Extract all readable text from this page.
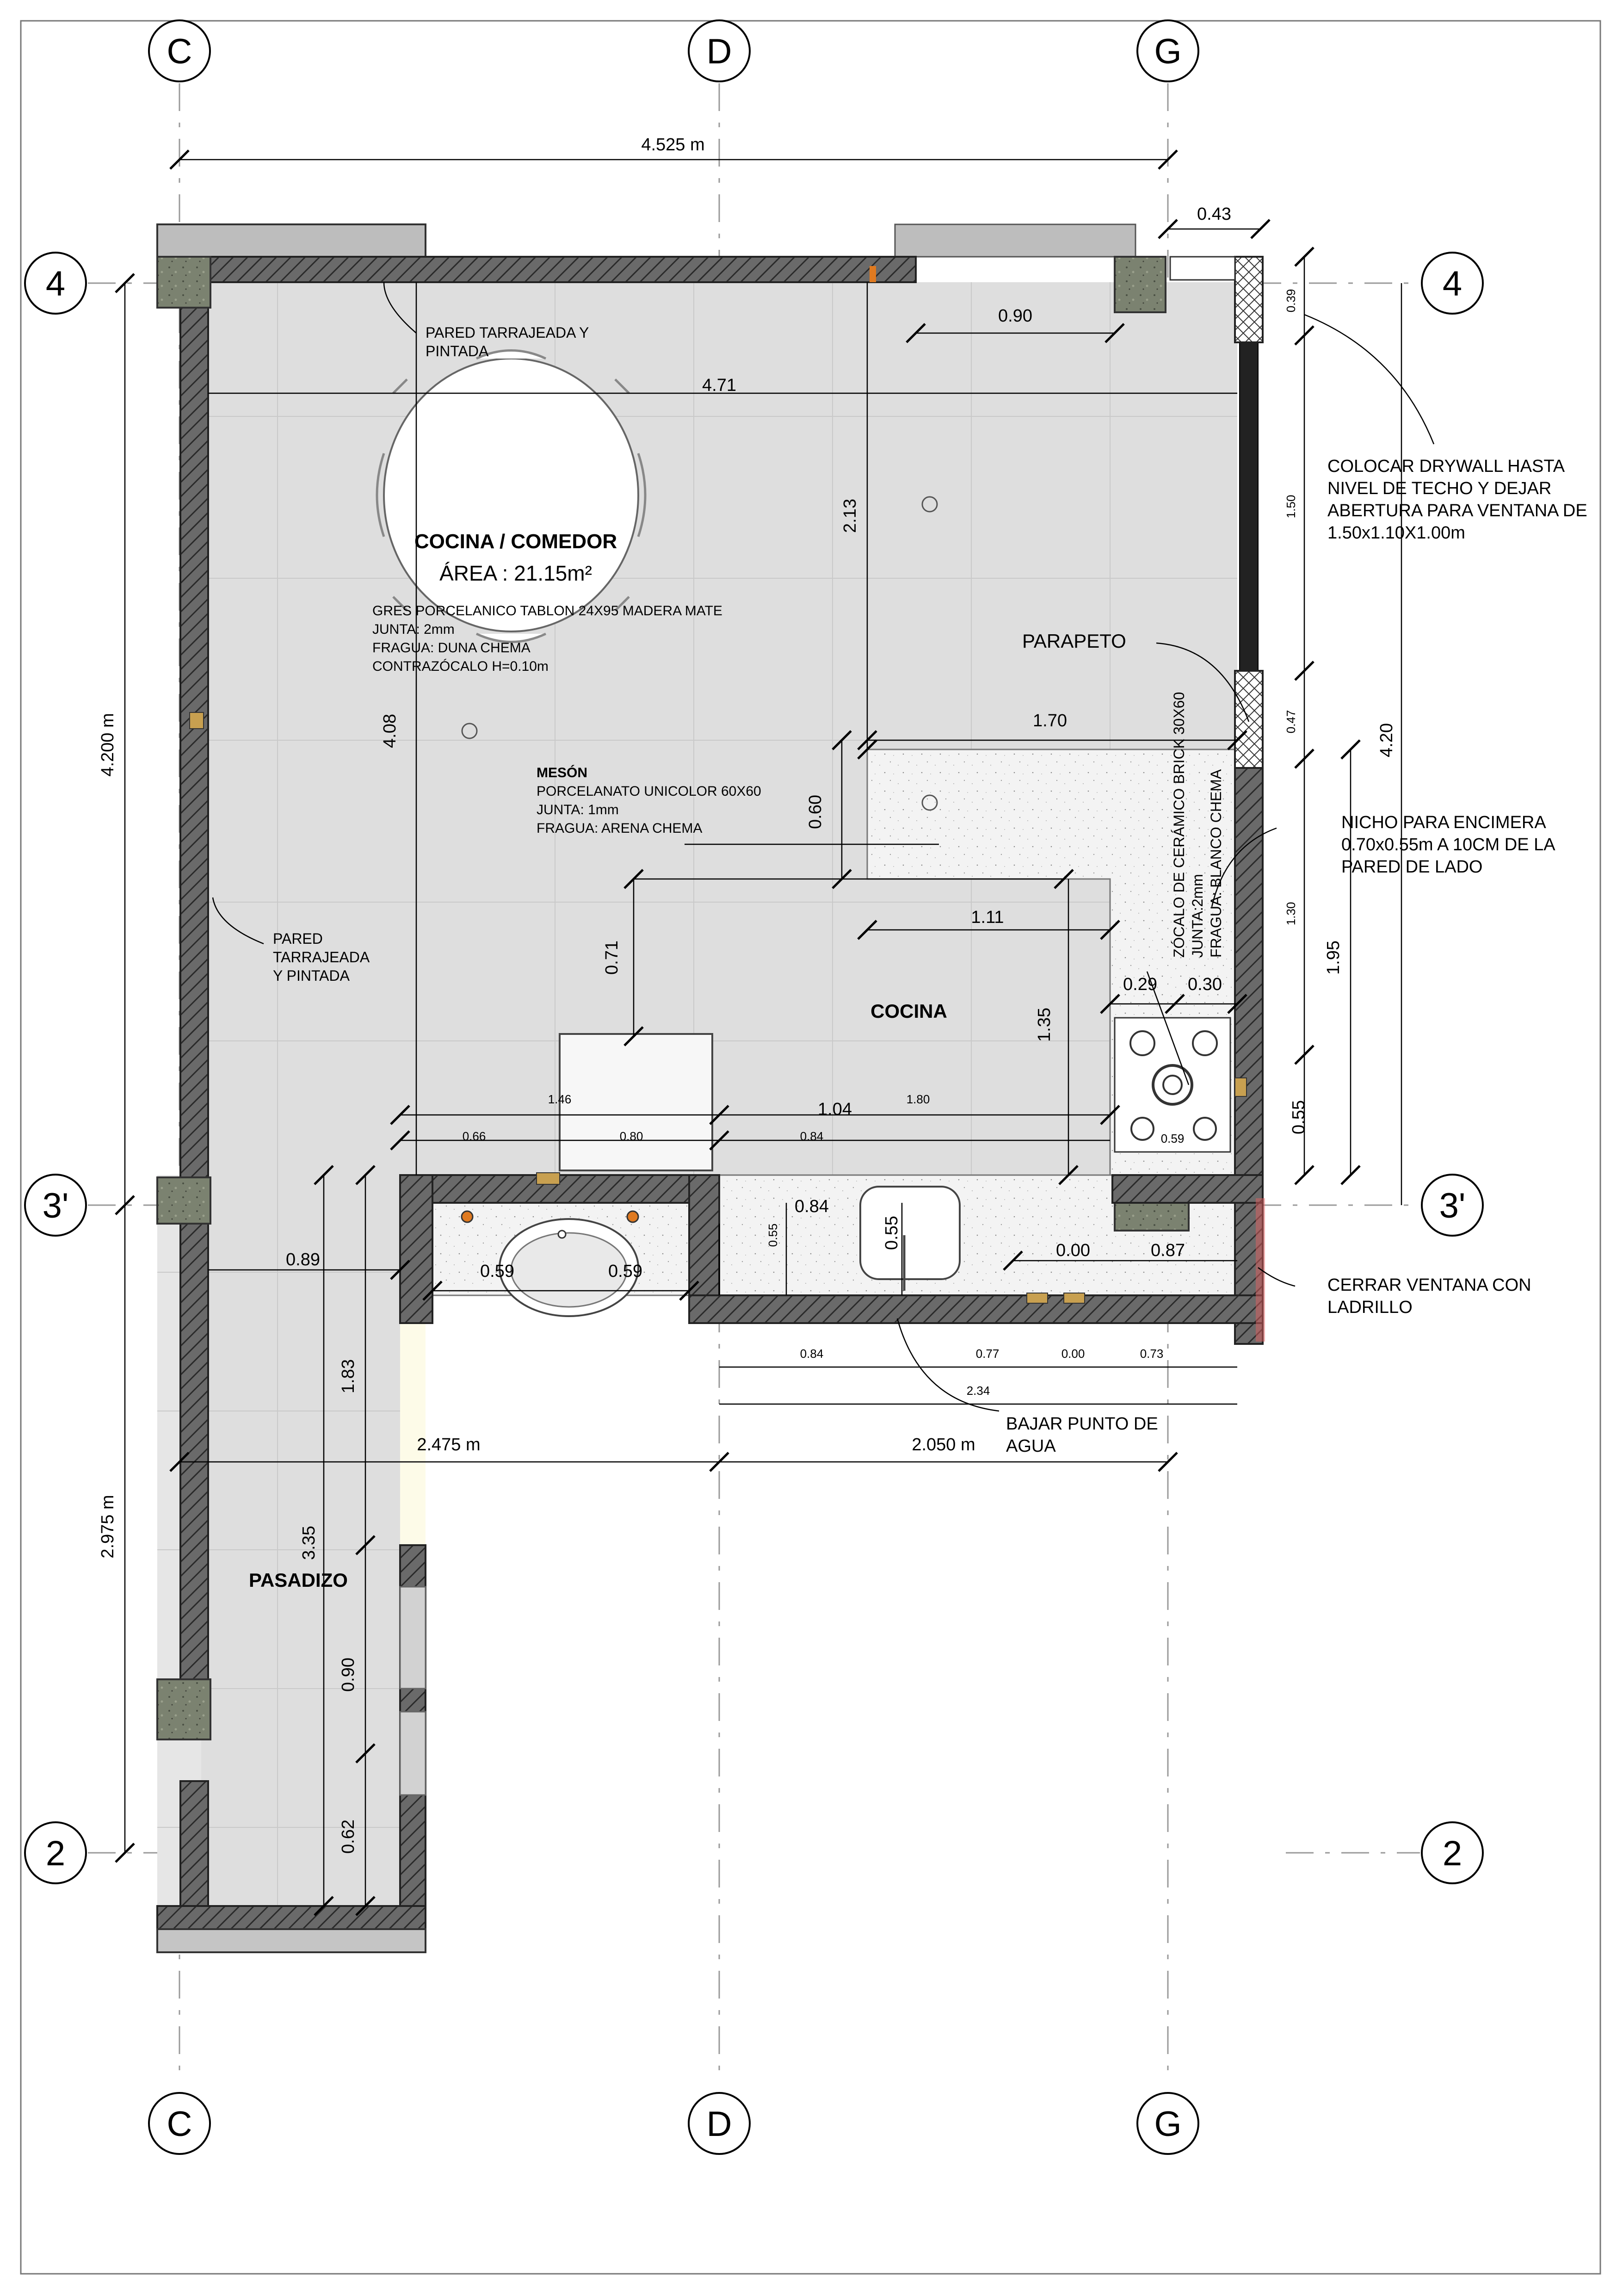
C	D	G
C	D	G
4	4
3'	3'
2	2
COCINA / COMEDOR
ÁREA : 21.15m²
GRES PORCELANICO TABLON 24X95 MADERA MATE
JUNTA: 2mm
FRAGUA: DUNA CHEMA
CONTRAZÓCALO H=0.10m
MESÓN
PORCELANATO UNICOLOR 60X60
JUNTA: 1mm
FRAGUA: ARENA CHEMA
COCINA
PASADIZO
PARED TARRAJEADA Y
PINTADA
PARED
TARRAJEADA
Y PINTADA
COLOCAR DRYWALL HASTA
NIVEL DE TECHO Y DEJAR
ABERTURA PARA VENTANA DE
1.50x1.10X1.00m
PARAPETO
NICHO PARA ENCIMERA
0.70x0.55m A 10CM DE LA
PARED DE LADO
CERRAR VENTANA CON
LADRILLO
BAJAR PUNTO DE
AGUA
ZÓCALO DE CERÁMICO BRICK 30X60 JUNTA:2mm FRAGUA: BLANCO CHEMA
4.525 m
0.43
0.90
4.71
1.70
1.11
0.29 0.30
0.59
1.46
1.04
1.80
0.66	0.80	0.84
0.84
0.00	0.87
0.89
0.59	0.59
0.84	0.77	0.00	0.73
2.34
2.475 m	2.050 m
2.13
0.60
4.08
0.71
1.35
0.39
1.50
0.47
1.30
0.55
1.95
4.20
0.55	0.55
1.83
3.35
0.90
0.62
4.200 m
2.975 m
